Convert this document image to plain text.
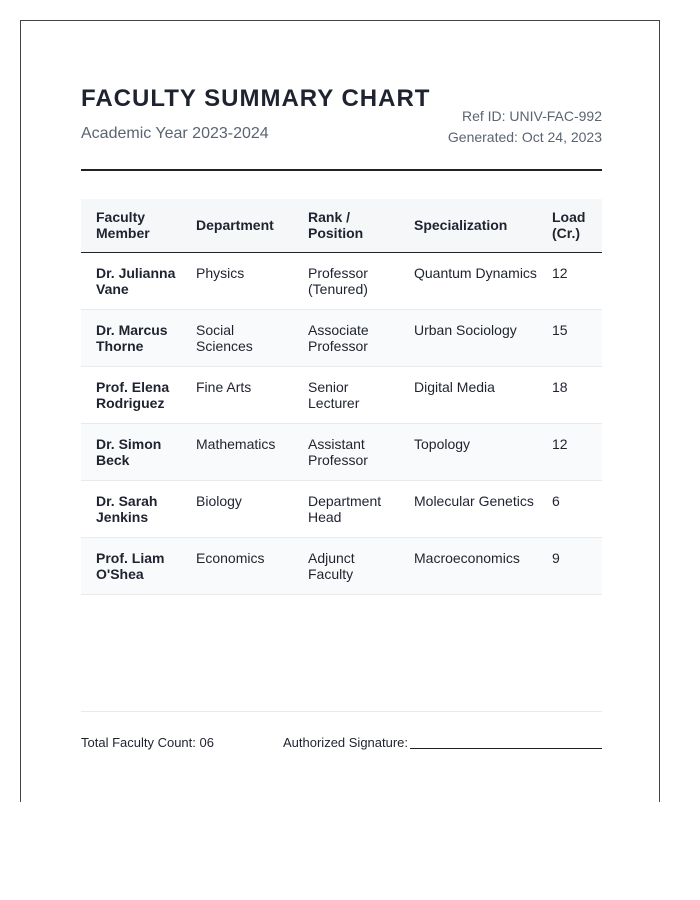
FACULTY SUMMARY CHART
Academic Year 2023-2024
Ref ID: UNIV-FAC-992
Generated: Oct 24, 2023
Faculty Member	Department	Rank / Position	Specialization	Load (Cr.)
Dr. Julianna Vane	Physics	Professor (Tenured)	Quantum Dynamics	12
Dr. Marcus Thorne	Social Sciences	Associate Professor	Urban Sociology	15
Prof. Elena Rodriguez	Fine Arts	Senior Lecturer	Digital Media	18
Dr. Simon Beck	Mathematics	Assistant Professor	Topology	12
Dr. Sarah Jenkins	Biology	Department Head	Molecular Genetics	6
Prof. Liam O'Shea	Economics	Adjunct Faculty	Macroeconomics	9
Total Faculty Count: 06	Authorized Signature:
